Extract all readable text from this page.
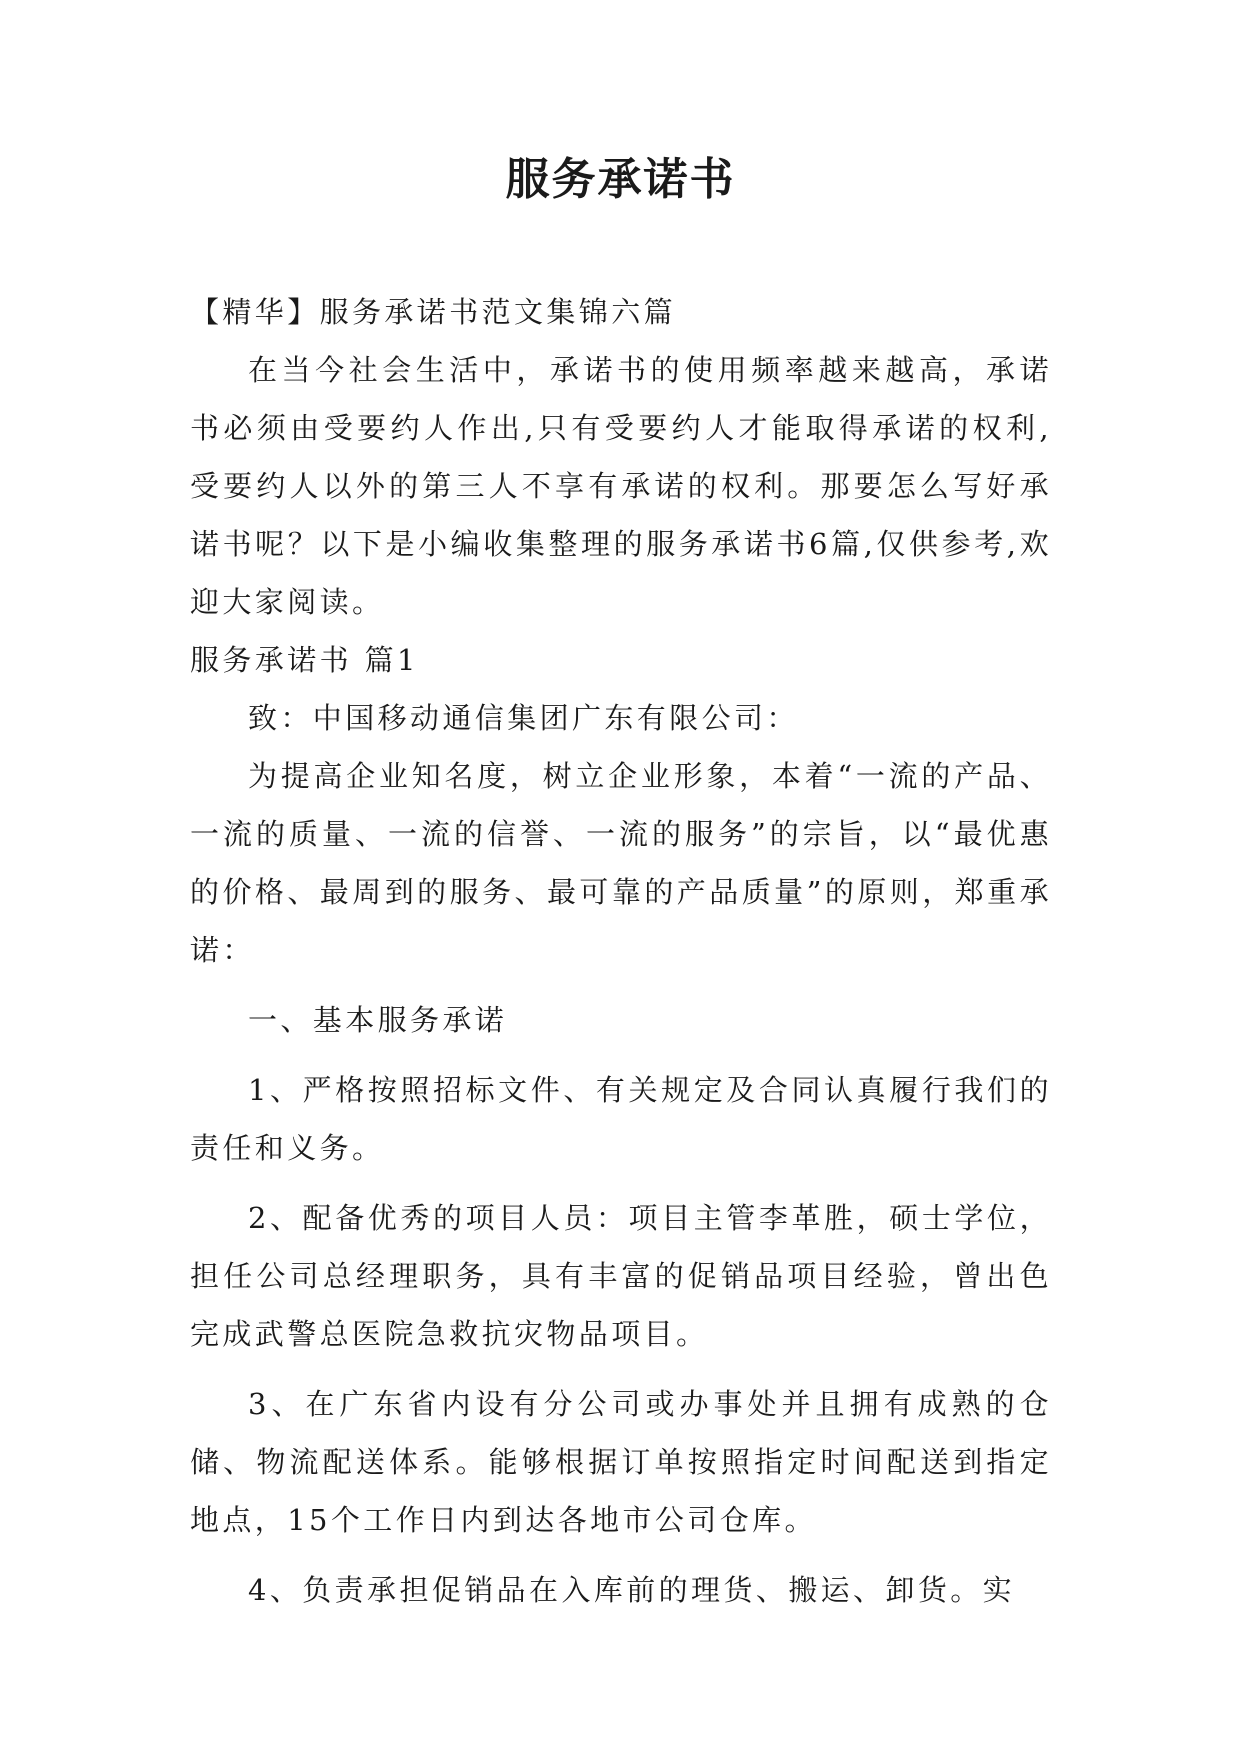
服务承诺书

【精华】服务承诺书范文集锦六篇

在当今社会生活中，承诺书的使用频率越来越高，承诺书必须由受要约人作出,只有受要约人才能取得承诺的权利,受要约人以外的第三人不享有承诺的权利。那要怎么写好承诺书呢？以下是小编收集整理的服务承诺书6篇,仅供参考,欢迎大家阅读。

服务承诺书 篇1

致：中国移动通信集团广东有限公司：

为提高企业知名度，树立企业形象，本着“一流的产品、一流的质量、一流的信誉、一流的服务”的宗旨，以“最优惠的价格、最周到的服务、最可靠的产品质量”的原则，郑重承诺：

一、基本服务承诺

1、严格按照招标文件、有关规定及合同认真履行我们的责任和义务。

2、配备优秀的项目人员：项目主管李革胜，硕士学位，担任公司总经理职务，具有丰富的促销品项目经验，曾出色完成武警总医院急救抗灾物品项目。

3、在广东省内设有分公司或办事处并且拥有成熟的仓储、物流配送体系。能够根据订单按照指定时间配送到指定地点，15个工作日内到达各地市公司仓库。

4、负责承担促销品在入库前的理货、搬运、卸货。实
